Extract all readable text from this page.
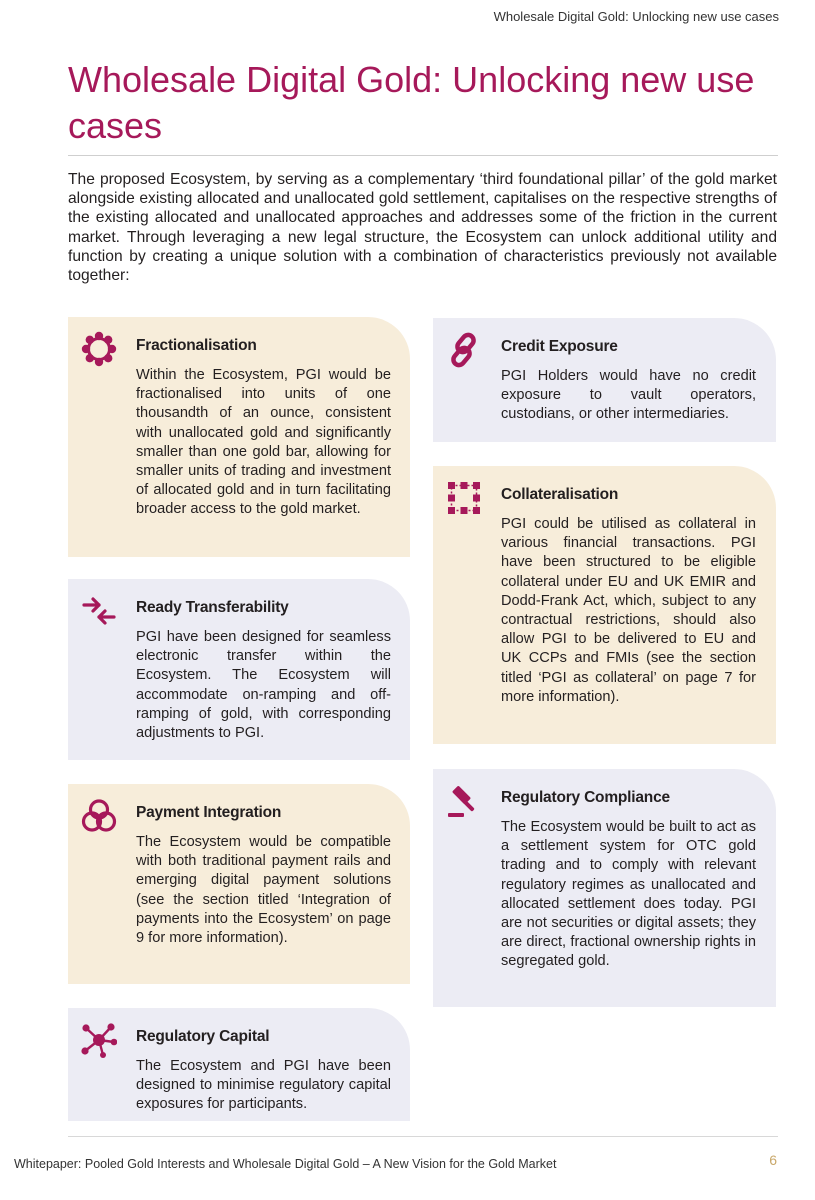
Wholesale Digital Gold: Unlocking new use cases
Wholesale Digital Gold: Unlocking new use cases

The proposed Ecosystem, by serving as a complementary ‘third foundational pillar’ of the gold market alongside existing allocated and unallocated gold settlement, capitalises on the respective strengths of the existing allocated and unallocated approaches and addresses some of the friction in the current market. Through leveraging a new legal structure, the Ecosystem can unlock additional utility and function by creating a unique solution with a combination of characteristics previously not available together:

Fractionalisation

Within the Ecosystem, PGI would be fractionalised into units of one thousandth of an ounce, consistent with unallocated gold and significantly smaller than one gold bar, allowing for smaller units of trading and investment of allocated gold and in turn facilitating broader access to the gold market.

Credit Exposure

PGI Holders would have no credit exposure to vault operators, custodians, or other intermediaries.

Collateralisation

PGI could be utilised as collateral in various financial transactions. PGI have been structured to be eligible collateral under EU and UK EMIR and Dodd-Frank Act, which, subject to any contractual restrictions, should also allow PGI to be delivered to EU and UK CCPs and FMIs (see the section titled ‘PGI as collateral’ on page 7 for more information).

Ready Transferability

PGI have been designed for seamless electronic transfer within the Ecosystem. The Ecosystem will accommodate on-ramping and off-ramping of gold, with corresponding adjustments to PGI.

Regulatory Compliance

The Ecosystem would be built to act as a settlement system for OTC gold trading and to comply with relevant regulatory regimes as unallocated and allocated settlement does today. PGI are not securities or digital assets; they are direct, fractional ownership rights in segregated gold.

Payment Integration

The Ecosystem would be compatible with both traditional payment rails and emerging digital payment solutions (see the section titled ‘Integration of payments into the Ecosystem’ on page 9 for more information).

Regulatory Capital

The Ecosystem and PGI have been designed to minimise regulatory capital exposures for participants.

Whitepaper: Pooled Gold Interests and Wholesale Digital Gold – A New Vision for the Gold Market	6
